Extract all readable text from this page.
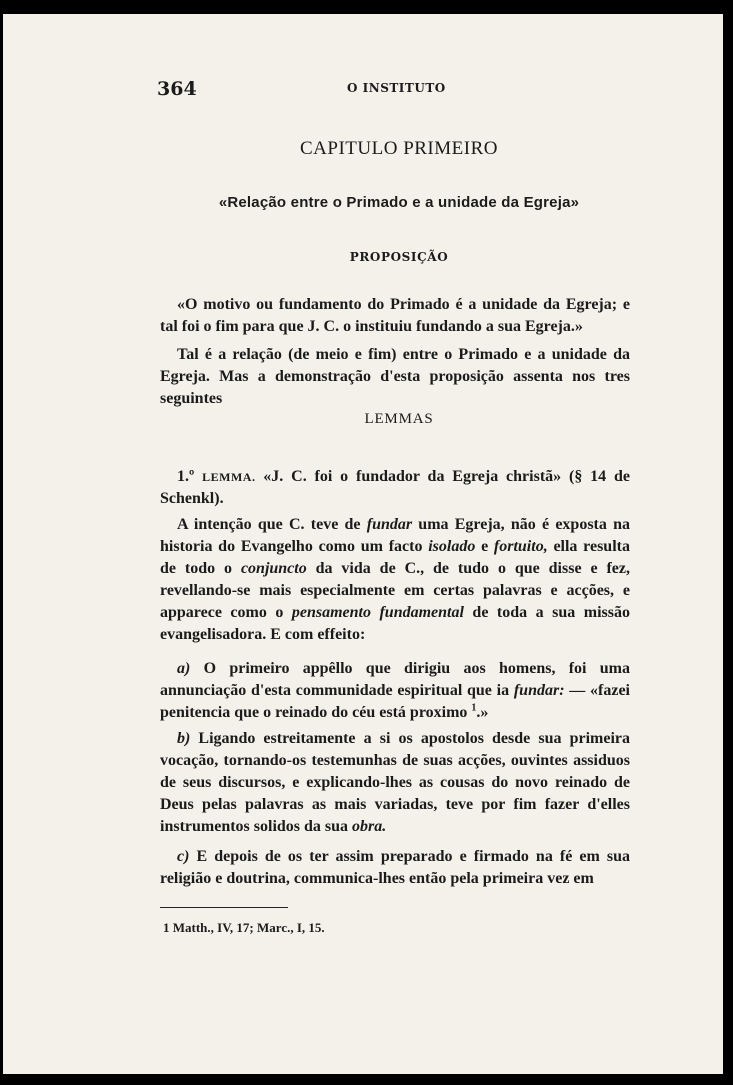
364	O INSTITUTO
CAPITULO PRIMEIRO
«Relação entre o Primado e a unidade da Egreja»
PROPOSIÇÃO
«O motivo ou fundamento do Primado é a unidade da Egreja; e tal foi o fim para que J. C. o instituiu fundando a sua Egreja.»
Tal é a relação (de meio e fim) entre o Primado e a unidade da Egreja. Mas a demonstração d'esta proposição assenta nos tres seguintes
LEMMAS
1.º LEMMA. «J. C. foi o fundador da Egreja christã» (§ 14 de Schenkl).
A intenção que C. teve de fundar uma Egreja, não é exposta na historia do Evangelho como um facto isolado e fortuito, ella resulta de todo o conjuncto da vida de C., de tudo o que disse e fez, revellando-se mais especialmente em certas palavras e acções, e apparece como o pensamento fundamental de toda a sua missão evangelisadora. E com effeito:
a) O primeiro appêllo que dirigiu aos homens, foi uma annunciação d'esta communidade espiritual que ia fundar: — «fazei penitencia que o reinado do céu está proximo $^1$.»
b) Ligando estreitamente a si os apostolos desde sua primeira vocação, tornando-os testemunhas de suas acções, ouvintes assiduos de seus discursos, e explicando-lhes as cousas do novo reinado de Deus pelas palavras as mais variadas, teve por fim fazer d'elles instrumentos solidos da sua obra.
c) E depois de os ter assim preparado e firmado na fé em sua religião e doutrina, communica-lhes então pela primeira vez em
1 Matth., IV, 17; Marc., I, 15.
